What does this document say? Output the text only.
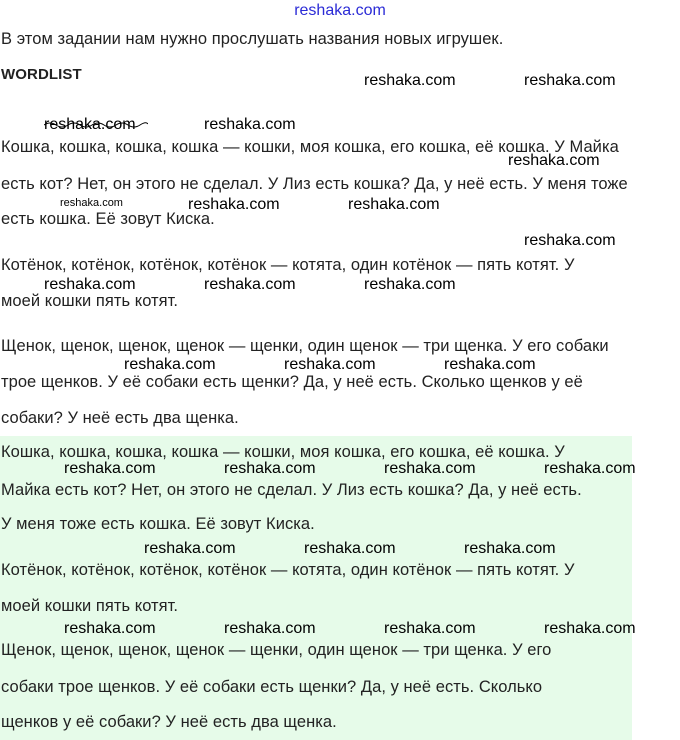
reshaka.com

В этом задании нам нужно прослушать названия новых игрушек.

WORDLIST

Кошка, кошка, кошка, кошка — кошки, моя кошка, его кошка, её кошка. У Майка

есть кот? Нет, он этого не сделал. У Лиз есть кошка? Да, у неё есть. У меня тоже

есть кошка. Её зовут Киска.

Котёнок, котёнок, котёнок, котёнок — котята, один котёнок — пять котят. У

моей кошки пять котят.

Щенок, щенок, щенок, щенок — щенки, один щенок — три щенка. У его собаки

трое щенков. У её собаки есть щенки? Да, у неё есть. Сколько щенков у её

собаки? У неё есть два щенка.

Кошка, кошка, кошка, кошка — кошки, моя кошка, его кошка, её кошка. У

Майка есть кот? Нет, он этого не сделал. У Лиз есть кошка? Да, у неё есть.

У меня тоже есть кошка. Её зовут Киска.

Котёнок, котёнок, котёнок, котёнок — котята, один котёнок — пять котят. У

моей кошки пять котят.

Щенок, щенок, щенок, щенок — щенки, один щенок — три щенка. У его

собаки трое щенков. У её собаки есть щенки? Да, у неё есть. Сколько

щенков у её собаки? У неё есть два щенка.

reshaka.com	reshaka.com
reshaka.com	reshaka.com
reshaka.com
reshaka.com	reshaka.com	reshaka.com
reshaka.com
reshaka.com	reshaka.com	reshaka.com
reshaka.com	reshaka.com	reshaka.com
reshaka.com	reshaka.com	reshaka.com	reshaka.com
reshaka.com	reshaka.com	reshaka.com
reshaka.com	reshaka.com	reshaka.com	reshaka.com
